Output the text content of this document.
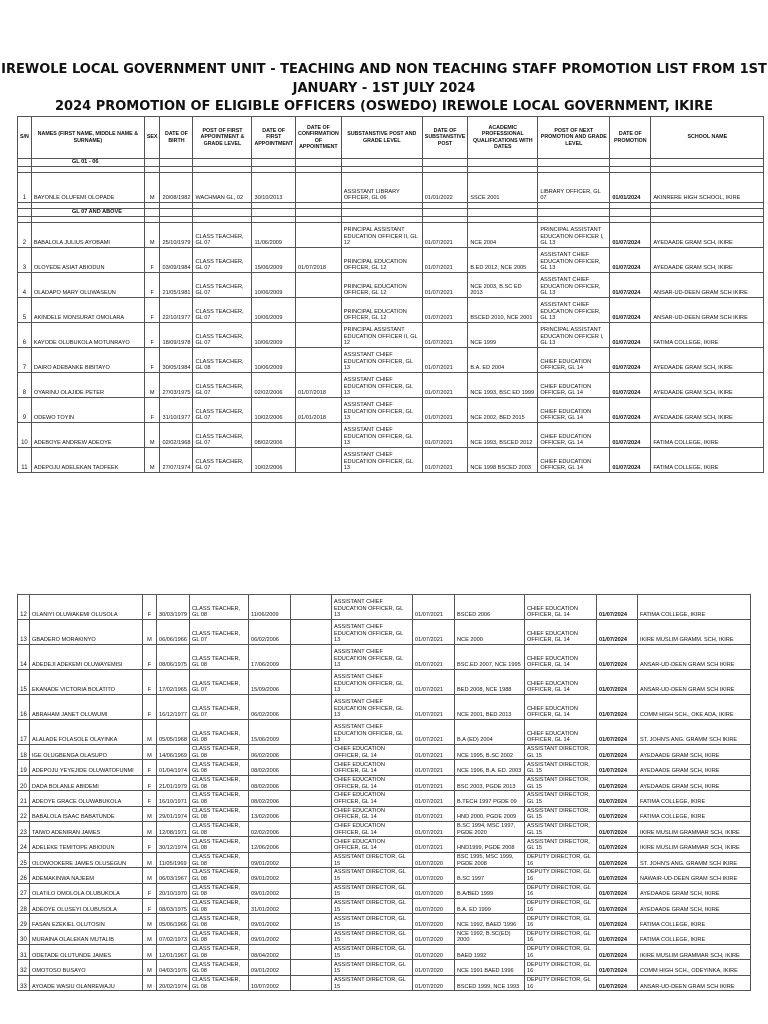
IREWOLE LOCAL GOVERNMENT UNIT - TEACHING AND NON TEACHING STAFF PROMOTION LIST FROM 1ST
JANUARY - 1ST JULY 2024
2024 PROMOTION OF ELIGIBLE OFFICERS (OSWEDO) IREWOLE LOCAL GOVERNMENT, IKIRE
S/N	NAMES (FIRST NAME, MIDDLE NAME & SURNAME)	SEX	DATE OF BIRTH	POST OF FIRST APPOINTMENT & GRADE LEVEL	DATE OF FIRST APPOINTMENT	DATE OF CONFIRMATION OF APPOINTMENT	SUBSTANSTIVE POST AND GRADE LEVEL	DATE OF SUBSTANSTIVE POST	ACADEMIC PROFESSIONAL QUALIFICATIONS WITH DATES	POST OF NEXT PROMOTION AND GRADE LEVEL	DATE OF PROMOTION	SCHOOL NAME
	GL 01 - 06											

1	BAYONLE OLUFEMI OLOPADE	M	20/08/1982	WACHMAN GL, 02	30/10/2013		ASSISTANT LIBRARY OFFICER, GL 06	01/01/2022	SSCE 2001	LIBRARY OFFICER, GL 07	01/01/2024	AKINRERE HIGH SCHOOL, IKIRE

	GL 07 AND ABOVE											

2	BABALOLA JULIUS AYOBAMI	M	25/10/1979	CLASS TEACHER, GL 07	11/06/2009		PRINCIPAL ASSISTANT EDUCATION OFFICER II, GL 12	01/07/2021	NCE 2004	PRINCIPAL ASSISTANT EDUCATION OFFICER I, GL 13	01/07/2024	AYEDAADE GRAM SCH, IKIRE
3	OLOYEDE ASIAT ABIODUN	F	03/09/1984	CLASS TEACHER, GL 07	15/06/2009	01/07/2018	PRINCIPAL EDUCATION OFFICER, GL 12	01/07/2021	B.ED 2012, NCE 2005	ASSISTANT CHIEF EDUCATION OFFICER, GL 13	01/07/2024	AYEDAADE GRAM SCH, IKIRE
4	OLADAPO MARY OLUWASEUN	F	21/05/1981	CLASS TEACHER, GL 07	10/06/2009		PRINCIPAL EDUCATION OFFICER, GL 12	01/07/2021	NCE 2003, B.SC ED 2013	ASSISTANT CHIEF EDUCATION OFFICER, GL 13	01/07/2024	ANSAR-UD-DEEN GRAM SCH IKIRE
5	AKINDELE MONSURAT OMOLARA	F	22/10/1977	CLASS TEACHER, GL 07	10/06/2009		PRINCIPAL EDUCATION OFFICER, GL 12	01/07/2021	BSCED 2010, NCE 2001	ASSISTANT CHIEF EDUCATION OFFICER, GL 13	01/07/2024	ANSAR-UD-DEEN GRAM SCH IKIRE
6	KAYODE OLUBUKOLA MOTUNRAYO	F	18/09/1978	CLASS TEACHER, GL 07	10/06/2009		PRINCIPAL ASSISTANT EDUCATION OFFICER II, GL 12	01/07/2021	NCE 1999	PRINCIPAL ASSISTANT EDUCATION OFFICER I, GL 13	01/07/2024	FATIMA COLLEGE, IKIRE
7	DAIRO ADEBANKE BIBITAYO	F	30/05/1984	CLASS TEACHER, GL 08	10/06/2009		ASSISTANT CHIEF EDUCATION OFFICER, GL 13	01/07/2021	B.A. ED 2004	CHIEF EDUCATION OFFICER, GL 14	01/07/2024	AYEDAADE GRAM SCH, IKIRE
8	OYARINU OLAJIDE PETER	M	27/03/1975	CLASS TEACHER, GL 07	02/02/2006	01/07/2018	ASSISTANT CHIEF EDUCATION OFFICER, GL 13	01/07/2021	NCE 1993, BSC ED 1999	CHIEF EDUCATION OFFICER, GL 14	01/07/2024	AYEDAADE GRAM SCH, IKIRE
9	ODEWO TOYIN	F	31/10/1977	CLASS TEACHER, GL 07	10/02/2006	01/01/2018	ASSISTANT CHIEF EDUCATION OFFICER, GL 13	01/07/2021	NCE 2002, BED 2015	CHIEF EDUCATION OFFICER, GL 14	01/07/2024	AYEDAADE GRAM SCH, IKIRE
10	ADEBOYE ANDREW ADEOYE	M	02/02/1968	CLASS TEACHER, GL 07	08/02/2006		ASSISTANT CHIEF EDUCATION OFFICER, GL 13	01/07/2021	NCE 1993, BSCED 2012	CHIEF EDUCATION OFFICER, GL 14	01/07/2024	FATIMA COLLEGE, IKIRE
11	ADEPOJU ADELEKAN TAOFEEK	M	27/07/1974	CLASS TEACHER, GL 07	10/02/2006		ASSISTANT CHIEF EDUCATION OFFICER, GL 13	01/07/2021	NCE 1998 BSCED 2003	CHIEF EDUCATION OFFICER, GL 14	01/07/2024	FATIMA COLLEGE, IKIRE
12	OLANIYI OLUWAKEMI OLUSOLA	F	30/03/1979	CLASS TEACHER, GL 08	11/06/2009		ASSISTANT CHIEF EDUCATION OFFICER, GL 13	01/07/2021	BSCED 2006	CHIEF EDUCATION OFFICER, GL 14	01/07/2024	FATIMA COLLEGE, IKIRE
13	GBADERO MORAKINYO	M	06/06/1966	CLASS TEACHER, GL 07	06/02/2006		ASSISTANT CHIEF EDUCATION OFFICER, GL 13	01/07/2021	NCE 2000	CHIEF EDUCATION OFFICER, GL 14	01/07/2024	IKIRE MUSLIM GRAMM. SCH, IKIRE
14	ADEDEJI ADEKEMI OLUWAYEMISI	F	08/06/1975	CLASS TEACHER, GL 08	17/06/2009		ASSISTANT CHIEF EDUCATION OFFICER, GL 13	01/07/2021	BSC.ED 2007, NCE 1995	CHIEF EDUCATION OFFICER, GL 14	01/07/2024	ANSAR-UD-DEEN GRAM SCH IKIRE
15	EKANADE VICTORIA BOLATITO	F	17/02/1965	CLASS TEACHER, GL 07	15/09/2006		ASSISTANT CHIEF EDUCATION OFFICER, GL 13	01/07/2021	BED 2008, NCE 1988	CHIEF EDUCATION OFFICER, GL 14	01/07/2024	ANSAR-UD-DEEN GRAM SCH IKIRE
16	ABRAHAM JANET OLUWUMI	F	16/12/1977	CLASS TEACHER, GL 07	06/02/2006		ASSISTANT CHIEF EDUCATION OFFICER, GL 13	01/07/2021	NCE 2001, BED 2013	CHIEF EDUCATION OFFICER, GL 14	01/07/2024	COMM HIGH SCH., OKE ADA, IKIRE
17	ALALADE FOLASOLE OLAYINKA	M	05/05/1968	CLASS TEACHER, GL 08	15/06/2009		ASSISTANT CHIEF EDUCATION OFFICER, GL 13	01/07/2021	B.A (ED) 2004	CHIEF EDUCATION OFFICER, GL 14	01/07/2024	ST. JOHN'S ANG. GRAMM SCH IKIRE
18	IGE OLUGBENGA OLASUPO	M	14/06/1969	CLASS TEACHER, GL 08	06/02/2006		CHIEF EDUCATION OFFICER, GL 14	01/07/2021	NCE 1995, B.SC 2002	ASSISTANT DIRECTOR, GL 15	01/07/2024	AYEDAADE GRAM SCH, IKIRE
19	ADEPOJU YEYEJIDE OLUWATOFUNMI	F	01/04/1974	CLASS TEACHER, GL 08	08/02/2006		CHIEF EDUCATION OFFICER, GL 14	01/07/2021	NCE 1996, B.A. ED. 2003	ASSISTANT DIRECTOR, GL 15	01/07/2024	AYEDAADE GRAM SCH, IKIRE
20	DADA BOLANLE ABIDEMI	F	21/01/1979	CLASS TEACHER, GL 08	08/02/2006		CHIEF EDUCATION OFFICER, GL 14	01/07/2021	BSC 2003, PGDE 2013	ASSISTANT DIRECTOR, GL 15	01/07/2024	AYEDAADE GRAM SCH, IKIRE
21	ADEOYE GRACE OLUWABUKOLA	F	16/10/1971	CLASS TEACHER, GL 08	08/02/2006		CHIEF EDUCATION OFFICER, GL 14	01/07/2021	B.TECH 1997 PGDE 09	ASSISTANT DIRECTOR, GL 15	01/07/2024	FATIMA COLLEGE, IKIRE
22	BABALOLA ISAAC BABATUNDE	M	29/01/1974	CLASS TEACHER, GL 08	13/02/2006		CHIEF EDUCATION OFFICER, GL 14	01/07/2021	HND 2000, PGDE 2009	ASSISTANT DIRECTOR, GL 15	01/07/2024	FATIMA COLLEGE, IKIRE
23	TAIWO ADENIRAN JAMES	M	12/08/1971	CLASS TEACHER, GL 08	02/02/2006		CHIEF EDUCATION OFFICER, GL 14	01/07/2021	B.SC 1994, MSC 1997, PGDE 2020	ASSISTANT DIRECTOR, GL 15	01/07/2024	IKIRE MUSLIM GRAMMAR SCH, IKIRE
24	ADELEKE TEMITOPE ABIODUN	F	30/12/1974	CLASS TEACHER, GL 08	12/06/2006		CHIEF EDUCATION OFFICER, GL 14	01/07/2021	HND1999, PGDE 2008	ASSISTANT DIRECTOR, GL 15	01/07/2024	IKIRE MUSLIM GRAMMAR SCH, IKIRE
25	OLOWOOKERE JAMES OLUSEGUN	M	11/05/1969	CLASS TEACHER, GL 08	09/01/2002		ASSISTANT DIRECTOR, GL 15	01/07/2020	BSC 1995, MSC 1999, PGDE 2008	DEPUTY DIRECTOR, GL 16	01/07/2024	ST. JOHN'S ANG. GRAMM SCH IKIRE
26	ADEMAKINWA NAJEEM	M	06/03/1967	CLASS TEACHER, GL 08	09/01/2002		ASSISTANT DIRECTOR, GL 15	01/07/2020	B.SC 1997	DEPUTY DIRECTOR, GL 16	01/07/2024	NAWAIR-UD-DEEN GRAM SCH IKIRE
27	OLATILO OMOLOLA OLUBUKOLA	F	20/10/1970	CLASS TEACHER, GL 08	09/01/2002		ASSISTANT DIRECTOR, GL 15	01/07/2020	B.A/BED 1999	DEPUTY DIRECTOR, GL 16	01/07/2024	AYEDAADE GRAM SCH, IKIRE
28	ADEOYE OLUSEYI OLUBUSOLA	F	08/03/1975	CLASS TEACHER, GL 08	31/01/2002		ASSISTANT DIRECTOR, GL 15	01/07/2020	B.A. ED 1999	DEPUTY DIRECTOR, GL 16	01/07/2024	AYEDAADE GRAM SCH, IKIRE
29	FASAN EZEKIEL OLUTOSIN	M	05/06/1966	CLASS TEACHER, GL 08	09/01/2002		ASSISTANT DIRECTOR, GL 15	01/07/2020	NCE 1992, BAED '1996	DEPUTY DIRECTOR, GL 16	01/07/2024	FATIMA COLLEGE, IKIRE
30	MURAINA OLALEKAN MUTALIB	M	07/02/1973	CLASS TEACHER, GL 08	09/01/2002		ASSISTANT DIRECTOR, GL 15	01/07/2020	NCE 1992, B.SC(ED) 2000	DEPUTY DIRECTOR, GL 16	01/07/2024	FATIMA COLLEGE, IKIRE
31	ODETADE OLUTUNDE JAMES	M	12/01/1967	CLASS TEACHER, GL 08	08/04/2002		ASSISTANT DIRECTOR, GL 15	01/07/2020	BAED 1992	DEPUTY DIRECTOR, GL 16	01/07/2024	IKIRE MUSLIM GRAMMAR SCH, IKIRE
32	OMOTOSO BUSAYO	M	04/03/1976	CLASS TEACHER, GL 08	09/01/2002		ASSISTANT DIRECTOR, GL 15	01/07/2020	NCE 1991 BAED 1996	DEPUTY DIRECTOR, GL 16	01/07/2024	COMM HIGH SCH., ODEYINKA, IKIRE
33	AYOADE WASIU OLANREWAJU	M	20/02/1974	CLASS TEACHER, GL 08	10/07/2002		ASSISTANT DIRECTOR, GL 15	01/07/2020	BSCED 1999, NCE 1993	DEPUTY DIRECTOR, GL 16	01/07/2024	ANSAR-UD-DEEN GRAM SCH IKIRE
